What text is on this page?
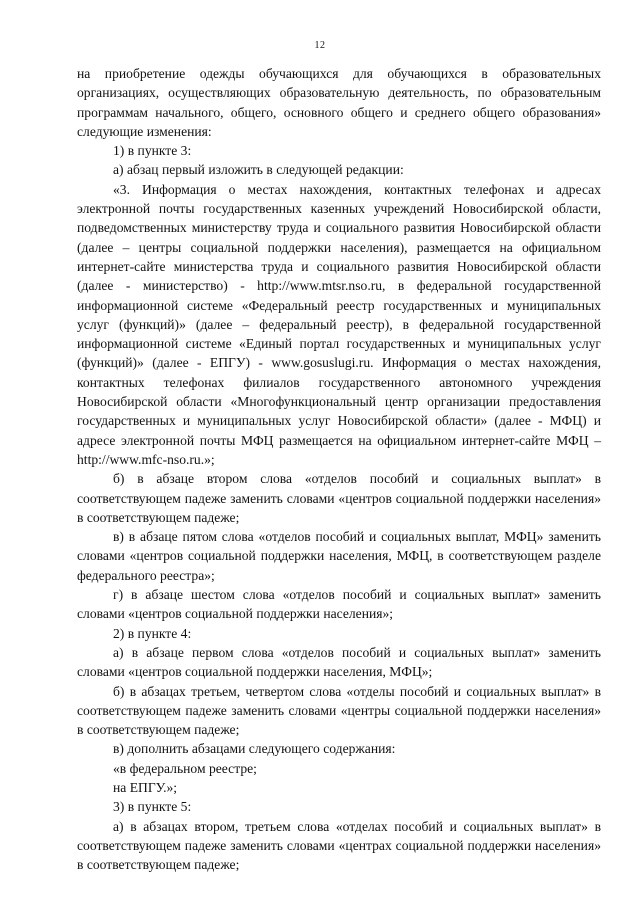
12

на приобретение одежды обучающихся для обучающихся в образовательных организациях, осуществляющих образовательную деятельность, по образовательным программам начального, общего, основного общего и среднего общего образования» следующие изменения:

1) в пункте 3:

а) абзац первый изложить в следующей редакции:

«3. Информация о местах нахождения, контактных телефонах и адресах электронной почты государственных казенных учреждений Новосибирской области, подведомственных министерству труда и социального развития Новосибирской области (далее – центры социальной поддержки населения), размещается на официальном интернет-сайте министерства труда и социального развития Новосибирской области (далее - министерство) - http://www.mtsr.nso.ru, в федеральной государственной информационной системе «Федеральный реестр государственных и муниципальных услуг (функций)» (далее – федеральный реестр), в федеральной государственной информационной системе «Единый портал государственных и муниципальных услуг (функций)» (далее - ЕПГУ) - www.gosuslugi.ru. Информация о местах нахождения, контактных телефонах филиалов государственного автономного учреждения Новосибирской области «Многофункциональный центр организации предоставления государственных и муниципальных услуг Новосибирской области» (далее - МФЦ) и адресе электронной почты МФЦ размещается на официальном интернет-сайте МФЦ – http://www.mfc-nso.ru.»;

б) в абзаце втором слова «отделов пособий и социальных выплат» в соответствующем падеже заменить словами «центров социальной поддержки населения» в соответствующем падеже;

в) в абзаце пятом слова «отделов пособий и социальных выплат, МФЦ» заменить словами «центров социальной поддержки населения, МФЦ, в соответствующем разделе федерального реестра»;

г) в абзаце шестом слова «отделов пособий и социальных выплат» заменить словами «центров социальной поддержки населения»;

2) в пункте 4:

а) в абзаце первом слова «отделов пособий и социальных выплат» заменить словами «центров социальной поддержки населения, МФЦ»;

б) в абзацах третьем, четвертом слова «отделы пособий и социальных выплат» в соответствующем падеже заменить словами «центры социальной поддержки населения» в соответствующем падеже;

в) дополнить абзацами следующего содержания:

«в федеральном реестре;

на ЕПГУ.»;

3) в пункте 5:

а) в абзацах втором, третьем слова «отделах пособий и социальных выплат» в соответствующем падеже заменить словами «центрах социальной поддержки населения» в соответствующем падеже;
